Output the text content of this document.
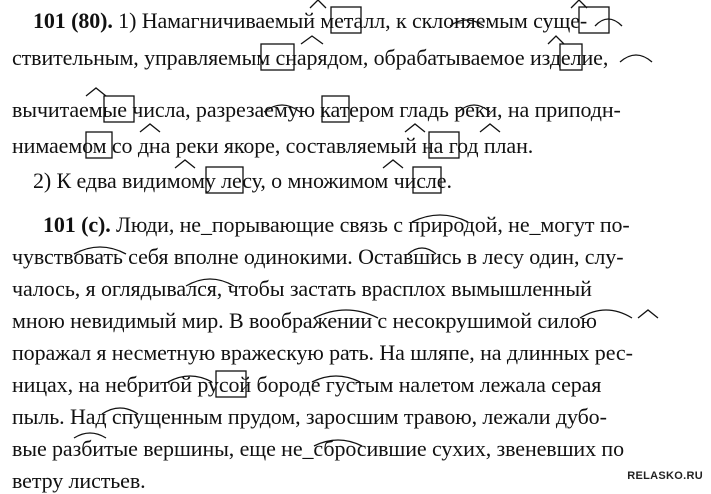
101 (80). 1) Намагничиваемый металл, к склоняемым суще-
ствительным, управляемым снарядом, обрабатываемое изделие,
вычитаемые числа, разрезаемую катером гладь реки, на приподн-
нимаемом со дна реки якоре, составляемый на год план.
2) К едва видимому лесу, о множимом числе.
101 (с). Люди, не_порывающие связь с природой, не_могут по-
чувствовать себя вполне одинокими. Оставшись в лесу один, слу-
чалось, я оглядывался, чтобы застать врасплох вымышленный
мною невидимый мир. В воображении с несокрушимой силою
поражал я несметную вражескую рать. На шляпе, на длинных рес-
ницах, на небритой русой бороде густым налетом лежала серая
пыль. Над спущенным прудом, заросшим травою, лежали дубо-
вые разбитые вершины, еще не_сбросившие сухих, звеневших по
ветру листьев.	RELASKO.RU
